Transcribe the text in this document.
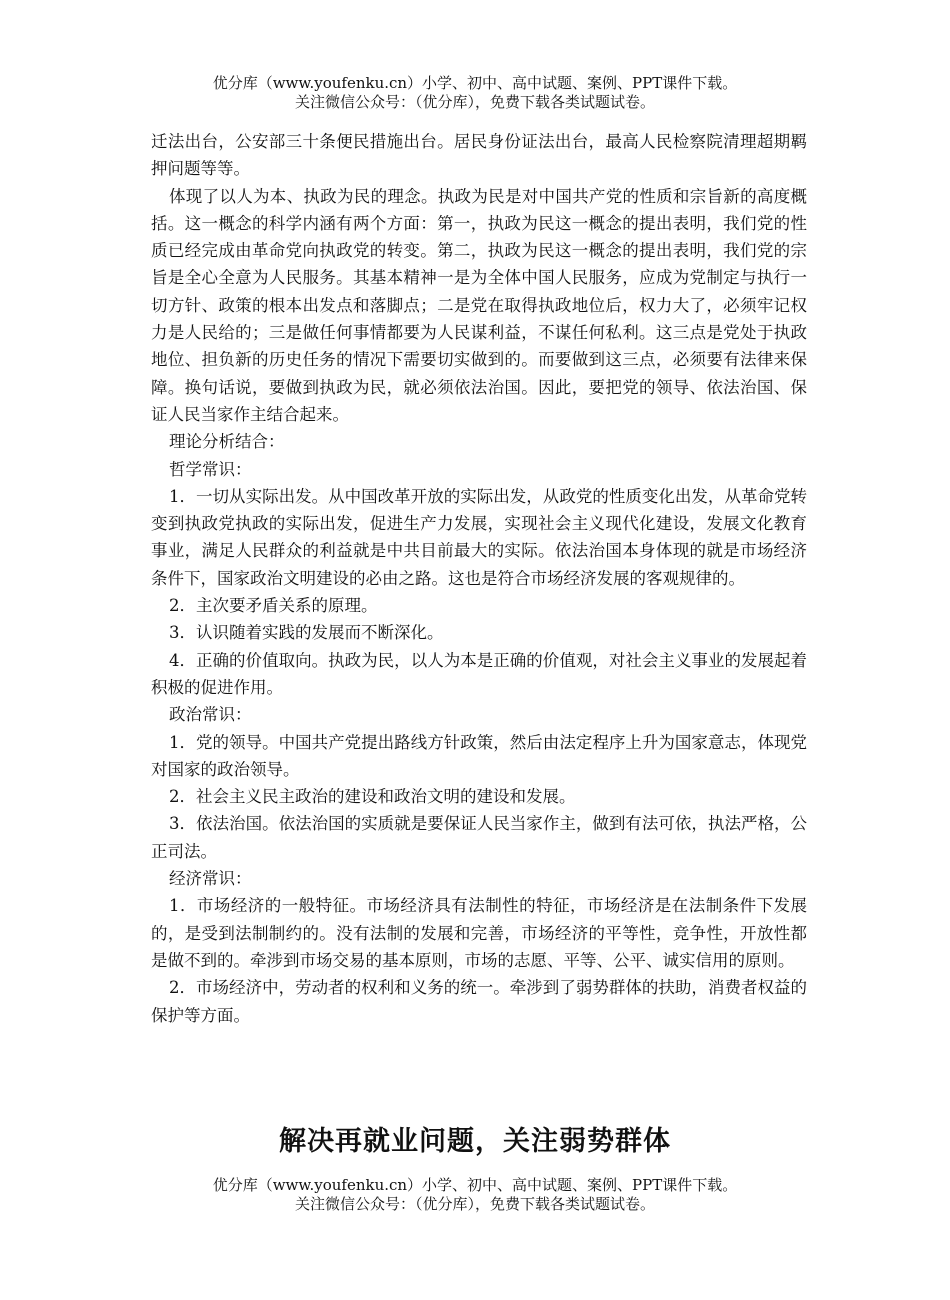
优分库（www.youfenku.cn）小学、初中、高中试题、案例、PPT课件下载。
关注微信公众号：（优分库），免费下载各类试题试卷。

迁法出台，公安部三十条便民措施出台。居民身份证法出台，最高人民检察院清理超期羁押问题等等。

体现了以人为本、执政为民的理念。执政为民是对中国共产党的性质和宗旨新的高度概括。这一概念的科学内涵有两个方面：第一，执政为民这一概念的提出表明，我们党的性质已经完成由革命党向执政党的转变。第二，执政为民这一概念的提出表明，我们党的宗旨是全心全意为人民服务。其基本精神一是为全体中国人民服务，应成为党制定与执行一切方针、政策的根本出发点和落脚点；二是党在取得执政地位后，权力大了，必须牢记权力是人民给的；三是做任何事情都要为人民谋利益，不谋任何私利。这三点是党处于执政地位、担负新的历史任务的情况下需要切实做到的。而要做到这三点，必须要有法律来保障。换句话说，要做到执政为民，就必须依法治国。因此，要把党的领导、依法治国、保证人民当家作主结合起来。

理论分析结合：

哲学常识：

1．一切从实际出发。从中国改革开放的实际出发，从政党的性质变化出发，从革命党转变到执政党执政的实际出发，促进生产力发展，实现社会主义现代化建设，发展文化教育事业，满足人民群众的利益就是中共目前最大的实际。依法治国本身体现的就是市场经济条件下，国家政治文明建设的必由之路。这也是符合市场经济发展的客观规律的。

2．主次要矛盾关系的原理。

3．认识随着实践的发展而不断深化。

4．正确的价值取向。执政为民，以人为本是正确的价值观，对社会主义事业的发展起着积极的促进作用。

政治常识：

1．党的领导。中国共产党提出路线方针政策，然后由法定程序上升为国家意志，体现党对国家的政治领导。

2．社会主义民主政治的建设和政治文明的建设和发展。

3．依法治国。依法治国的实质就是要保证人民当家作主，做到有法可依，执法严格，公正司法。

经济常识：

1．市场经济的一般特征。市场经济具有法制性的特征，市场经济是在法制条件下发展的，是受到法制制约的。没有法制的发展和完善，市场经济的平等性，竞争性，开放性都是做不到的。牵涉到市场交易的基本原则，市场的志愿、平等、公平、诚实信用的原则。

2．市场经济中，劳动者的权利和义务的统一。牵涉到了弱势群体的扶助，消费者权益的保护等方面。

解决再就业问题，关注弱势群体
优分库（www.youfenku.cn）小学、初中、高中试题、案例、PPT课件下载。
关注微信公众号：（优分库），免费下载各类试题试卷。
